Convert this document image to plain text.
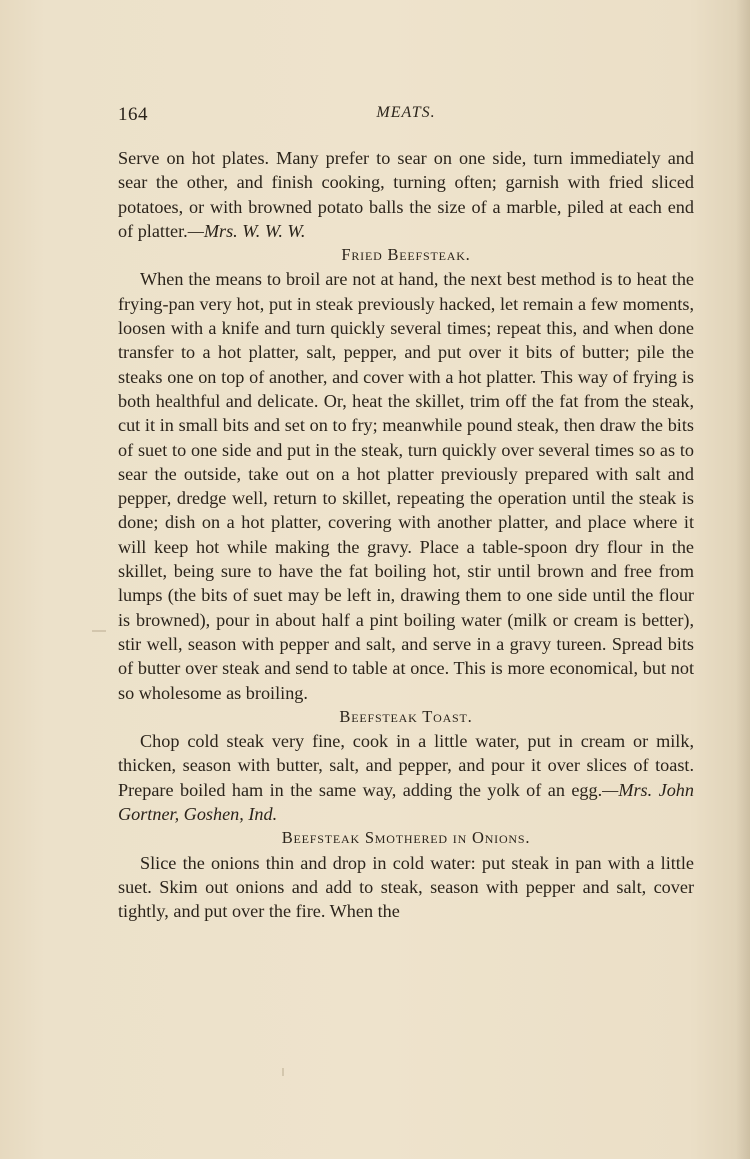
164	MEATS.

Serve on hot plates. Many prefer to sear on one side, turn immediately and sear the other, and finish cooking, turning often; garnish with fried sliced potatoes, or with browned potato balls the size of a marble, piled at each end of platter.—Mrs. W. W. W.

Fried Beefsteak.

When the means to broil are not at hand, the next best method is to heat the frying-pan very hot, put in steak previously hacked, let remain a few moments, loosen with a knife and turn quickly several times; repeat this, and when done transfer to a hot platter, salt, pepper, and put over it bits of butter; pile the steaks one on top of another, and cover with a hot platter. This way of frying is both healthful and delicate. Or, heat the skillet, trim off the fat from the steak, cut it in small bits and set on to fry; meanwhile pound steak, then draw the bits of suet to one side and put in the steak, turn quickly over several times so as to sear the outside, take out on a hot platter previously prepared with salt and pepper, dredge well, return to skillet, repeating the operation until the steak is done; dish on a hot platter, covering with another platter, and place where it will keep hot while making the gravy. Place a table-spoon dry flour in the skillet, being sure to have the fat boiling hot, stir until brown and free from lumps (the bits of suet may be left in, drawing them to one side until the flour is browned), pour in about half a pint boiling water (milk or cream is better), stir well, season with pepper and salt, and serve in a gravy tureen. Spread bits of butter over steak and send to table at once. This is more economical, but not so wholesome as broiling.

Beefsteak Toast.

Chop cold steak very fine, cook in a little water, put in cream or milk, thicken, season with butter, salt, and pepper, and pour it over slices of toast. Prepare boiled ham in the same way, adding the yolk of an egg.—Mrs. John Gortner, Goshen, Ind.

Beefsteak Smothered in Onions.

Slice the onions thin and drop in cold water: put steak in pan with a little suet. Skim out onions and add to steak, season with pepper and salt, cover tightly, and put over the fire. When the
